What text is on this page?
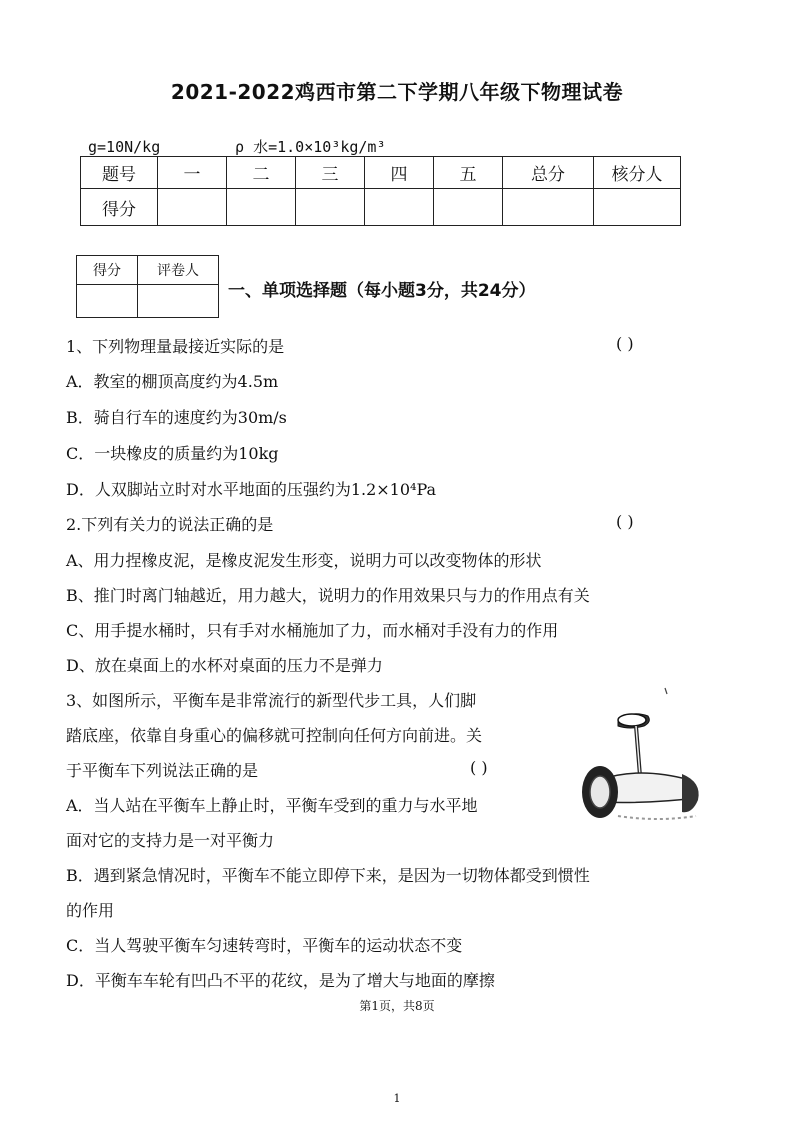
2021-2022鸡西市第二下学期八年级下物理试卷
g=10N/kg	ρ 水=1.0×10³kg/m³
题号	一	二	三	四	五	总分	核分人
得分							
得分	评卷人

一、单项选择题（每小题3分，共24分）
1、下列物理量最接近实际的是	( )
A．教室的棚顶高度约为4.5m
B．骑自行车的速度约为30m/s
C．一块橡皮的质量约为10kg
D．人双脚站立时对水平地面的压强约为1.2×10⁴Pa
2.下列有关力的说法正确的是	( )
A、用力捏橡皮泥，是橡皮泥发生形变，说明力可以改变物体的形状
B、推门时离门轴越近，用力越大，说明力的作用效果只与力的作用点有关
C、用手提水桶时，只有手对水桶施加了力，而水桶对手没有力的作用
D、放在桌面上的水杯对桌面的压力不是弹力
3、如图所示，平衡车是非常流行的新型代步工具，人们脚
踏底座，依靠自身重心的偏移就可控制向任何方向前进。关
于平衡车下列说法正确的是	( )
A．当人站在平衡车上静止时，平衡车受到的重力与水平地
面对它的支持力是一对平衡力
B．遇到紧急情况时，平衡车不能立即停下来，是因为一切物体都受到惯性
的作用
C．当人驾驶平衡车匀速转弯时，平衡车的运动状态不变
D．平衡车车轮有凹凸不平的花纹，是为了增大与地面的摩擦
第1页，共8页
1
